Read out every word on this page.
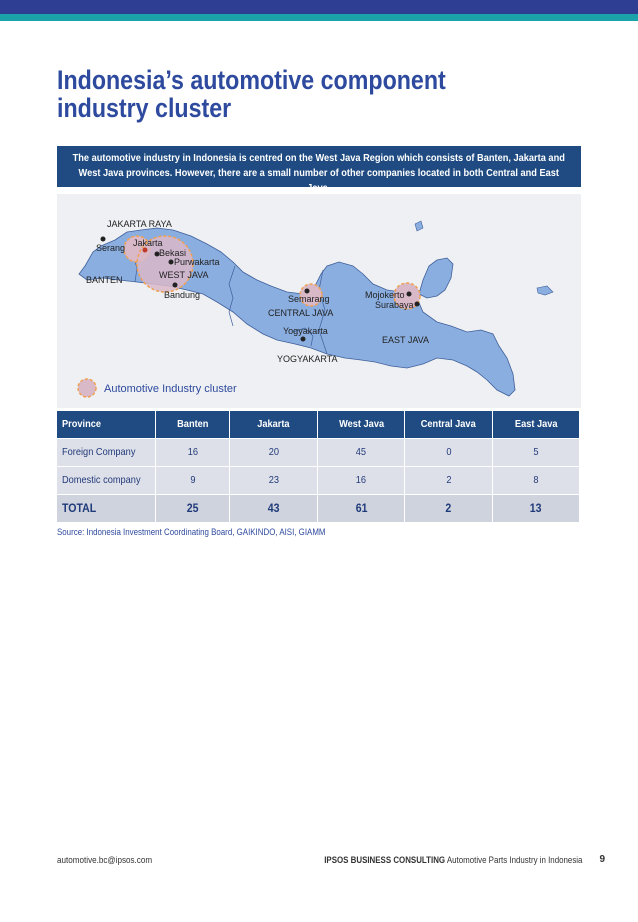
Indonesia’s automotive component industry cluster
The automotive industry in Indonesia is centred on the West Java Region which consists of Banten, Jakarta and West Java provinces. However, there are a small number of other companies located in both Central and East Java.
JAKARTA RAYA
BANTEN	WEST JAVA
CENTRAL JAVA
YOGYAKARTA
EAST JAVA
Serang Jakarta
Bekasi
Purwakarta
Bandung	Semarang
Yogyakarta
Mojokerto
Surabaya
Automotive Industry cluster
Province	Banten	Jakarta	West Java	Central Java	East Java
Foreign Company	16	20	45	0	5
Domestic company	9	23	16	2	8
TOTAL	25	43	61	2	13
Source: Indonesia Investment Coordinating Board, GAIKINDO, AISI, GIAMM
automotive.bc@ipsos.com	IPSOS BUSINESS CONSULTING Automotive Parts Industry in Indonesia 9
